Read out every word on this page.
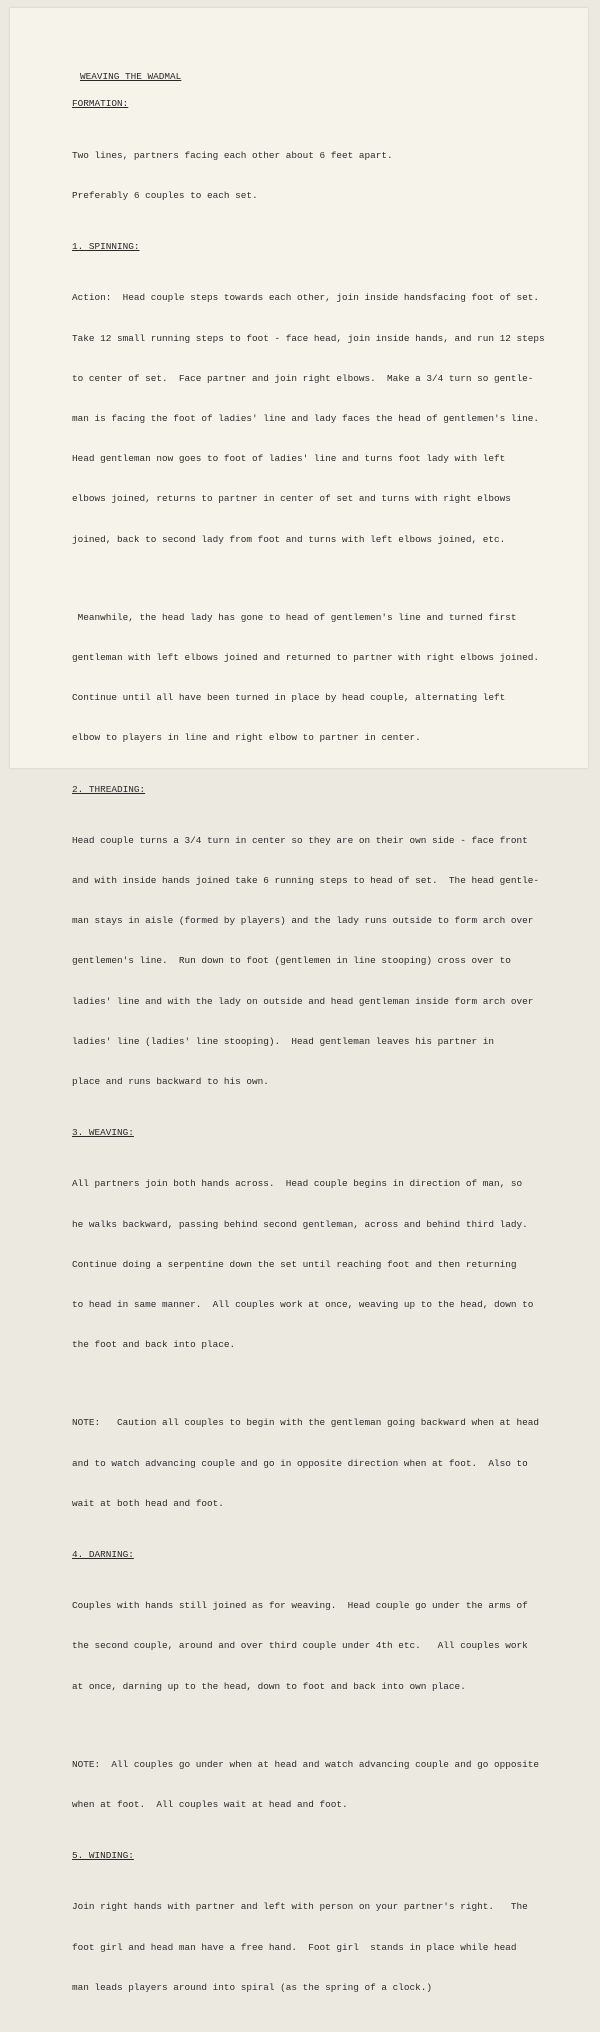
WEAVING THE WADMAL
FORMATION:

Two lines, partners facing each other about 6 feet apart.

Preferably 6 couples to each set.

1. SPINNING:

Action:  Head couple steps towards each other, join inside handsfacing foot of set.

Take 12 small running steps to foot - face head, join inside hands, and run 12 steps

to center of set.  Face partner and join right elbows.  Make a 3/4 turn so gentle-

man is facing the foot of ladies' line and lady faces the head of gentlemen's line.

Head gentleman now goes to foot of ladies' line and turns foot lady with left

elbows joined, returns to partner in center of set and turns with right elbows

joined, back to second lady from foot and turns with left elbows joined, etc.

Meanwhile, the head lady has gone to head of gentlemen's line and turned first

gentleman with left elbows joined and returned to partner with right elbows joined.

Continue until all have been turned in place by head couple, alternating left

elbow to players in line and right elbow to partner in center.

2. THREADING:

Head couple turns a 3/4 turn in center so they are on their own side - face front

and with inside hands joined take 6 running steps to head of set.  The head gentle-

man stays in aisle (formed by players) and the lady runs outside to form arch over

gentlemen's line.  Run down to foot (gentlemen in line stooping) cross over to

ladies' line and with the lady on outside and head gentleman inside form arch over

ladies' line (ladies' line stooping).  Head gentleman leaves his partner in

place and runs backward to his own.

3. WEAVING:

All partners join both hands across.  Head couple begins in direction of man, so

he walks backward, passing behind second gentleman, across and behind third lady.

Continue doing a serpentine down the set until reaching foot and then returning

to head in same manner.  All couples work at once, weaving up to the head, down to

the foot and back into place.

NOTE:   Caution all couples to begin with the gentleman going backward when at head

and to watch advancing couple and go in opposite direction when at foot.  Also to

wait at both head and foot.

4. DARNING:

Couples with hands still joined as for weaving.  Head couple go under the arms of

the second couple, around and over third couple under 4th etc.   All couples work

at once, darning up to the head, down to foot and back into own place.

NOTE:  All couples go under when at head and watch advancing couple and go opposite

when at foot.  All couples wait at head and foot.

5. WINDING:

Join right hands with partner and left with person on your partner's right.   The

foot girl and head man have a free hand.  Foot girl  stands in place while head

man leads players around into spiral (as the spring of a clock.)
